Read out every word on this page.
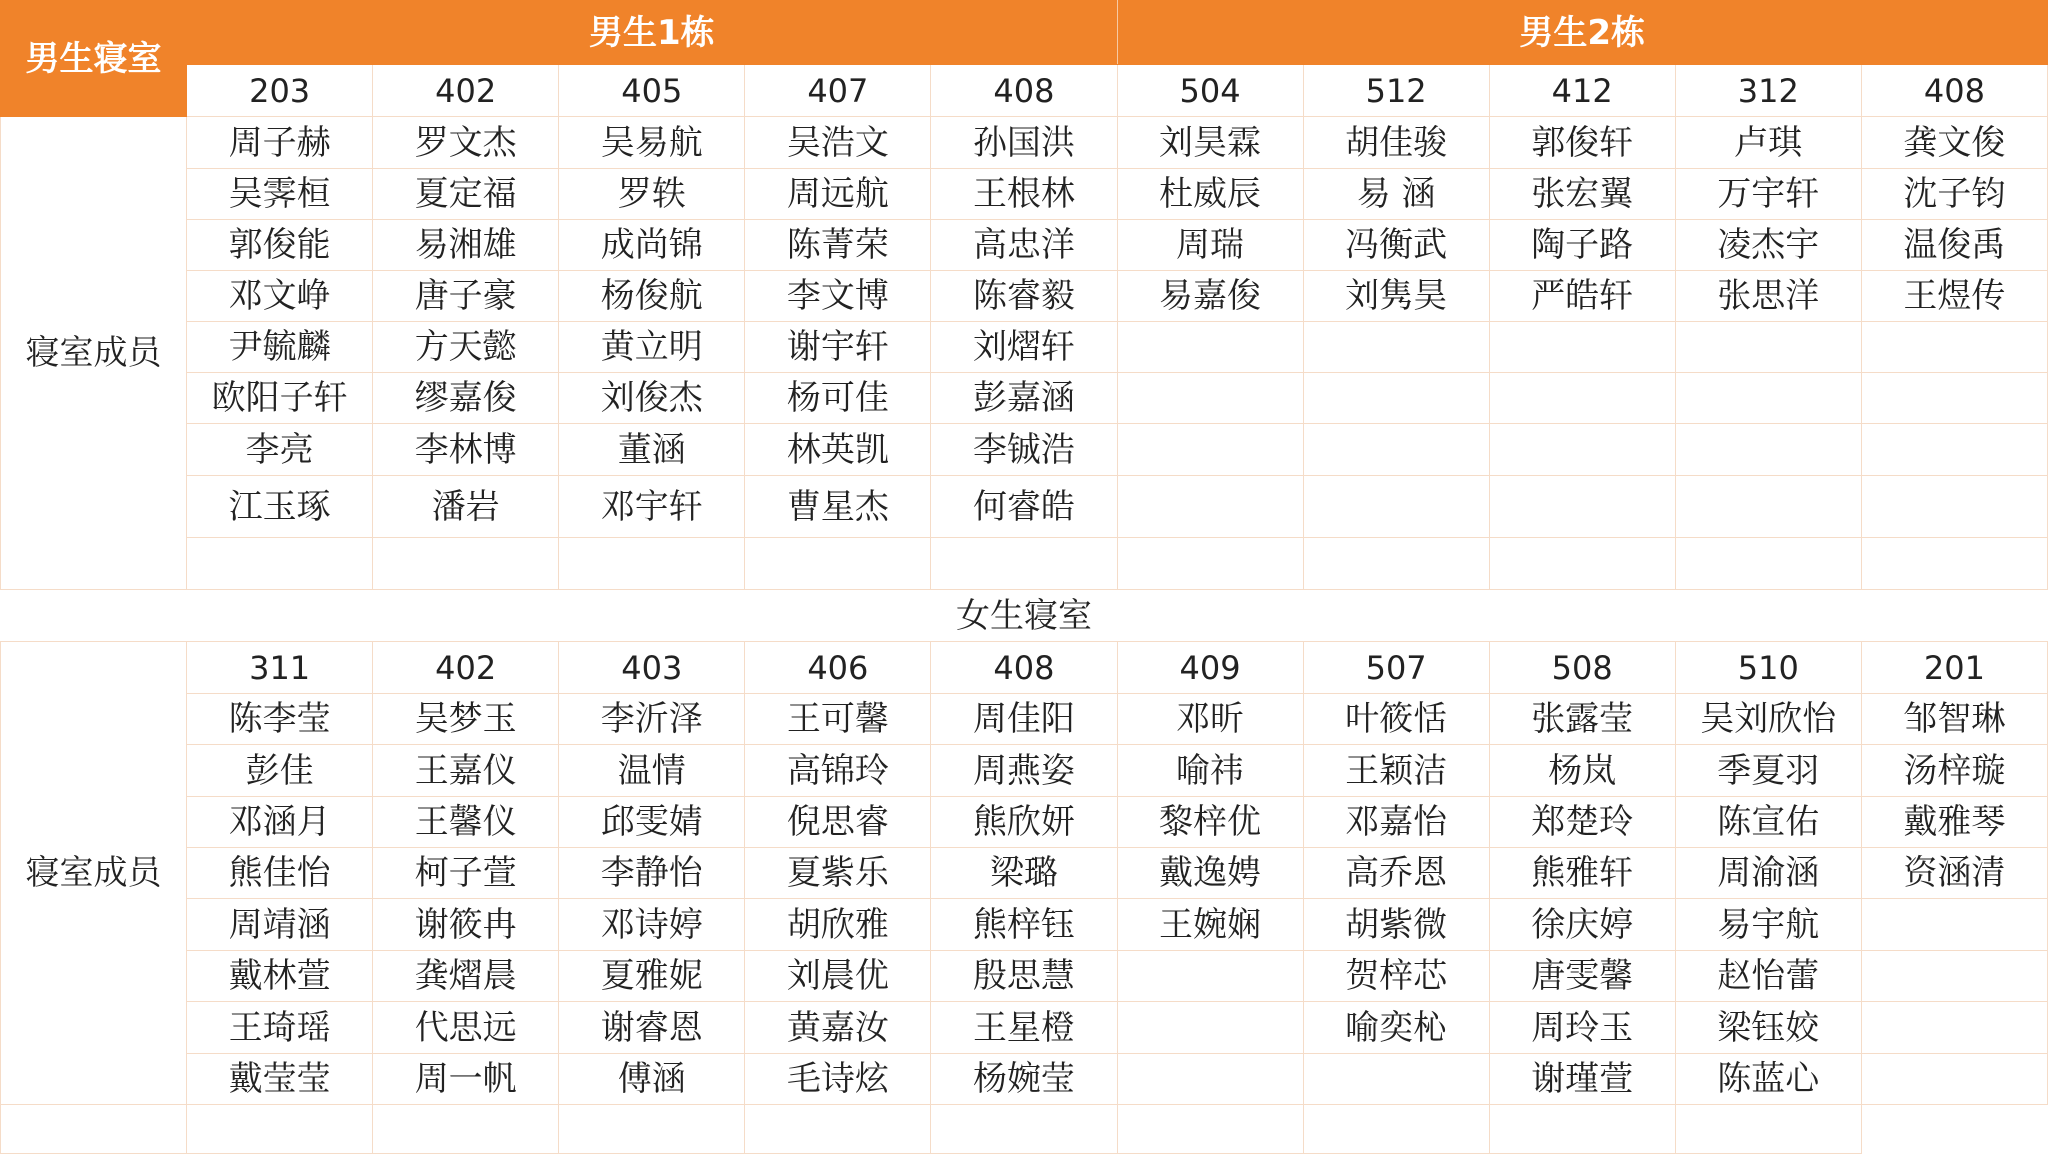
男生寝室	男生1栋					男生2栋				
	203	402	405	407	408	504	512	412	312	408
寝室成员	周子赫	罗文杰	吴易航	吴浩文	孙国洪	刘昊霖	胡佳骏	郭俊轩	卢琪	龚文俊
	吴霁桓	夏定福	罗轶	周远航	王根林	杜威辰	易 涵	张宏翼	万宇轩	沈子钧
	郭俊能	易湘雄	成尚锦	陈菁荣	高忠洋	周瑞	冯衡武	陶子路	凌杰宇	温俊禹
	邓文峥	唐子豪	杨俊航	李文博	陈睿毅	易嘉俊	刘隽昊	严皓轩	张思洋	王煜传
	尹毓麟	方天懿	黄立明	谢宇轩	刘熠轩					
	欧阳子轩	缪嘉俊	刘俊杰	杨可佳	彭嘉涵					
	李亮	李林博	董涵	林英凯	李铖浩					
	江玉琢	潘岩	邓宇轩	曹星杰	何睿皓					

女生寝室										
寝室成员	311	402	403	406	408	409	507	508	510	201
	陈李莹	吴梦玉	李沂泽	王可馨	周佳阳	邓昕	叶筱恬	张露莹	吴刘欣怡	邹智琳
	彭佳	王嘉仪	温情	高锦玲	周燕姿	喻祎	王颖洁	杨岚	季夏羽	汤梓璇
	邓涵月	王馨仪	邱雯婧	倪思睿	熊欣妍	黎梓优	邓嘉怡	郑楚玲	陈宣佑	戴雅琴
	熊佳怡	柯子萱	李静怡	夏紫乐	梁璐	戴逸娉	高乔恩	熊雅轩	周渝涵	资涵清
	周靖涵	谢筱冉	邓诗婷	胡欣雅	熊梓钰	王婉娴	胡紫微	徐庆婷	易宇航	
	戴林萱	龚熠晨	夏雅妮	刘晨优	殷思慧		贺梓芯	唐雯馨	赵怡蕾	
	王琦瑶	代思远	谢睿恩	黄嘉汝	王星橙		喻奕杺	周玲玉	梁钰姣	
	戴莹莹	周一帆	傅涵	毛诗炫	杨婉莹			谢瑾萱	陈蓝心	
